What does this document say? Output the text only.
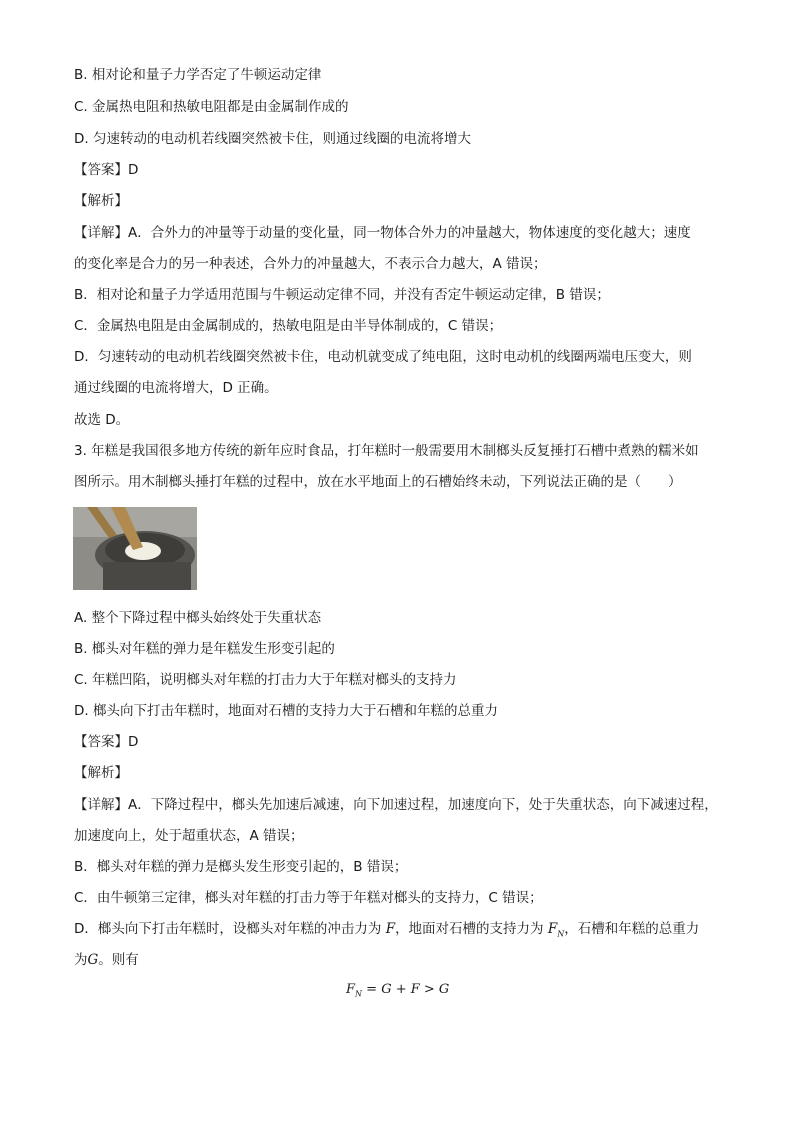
B. 相对论和量子力学否定了牛顿运动定律
C. 金属热电阻和热敏电阻都是由金属制作成的
D. 匀速转动的电动机若线圈突然被卡住，则通过线圈的电流将增大
【答案】D
【解析】
【详解】A．合外力的冲量等于动量的变化量，同一物体合外力的冲量越大，物体速度的变化越大；速度
的变化率是合力的另一种表述，合外力的冲量越大，不表示合力越大，A 错误；
B．相对论和量子力学适用范围与牛顿运动定律不同，并没有否定牛顿运动定律，B 错误；
C．金属热电阻是由金属制成的，热敏电阻是由半导体制成的，C 错误；
D．匀速转动的电动机若线圈突然被卡住，电动机就变成了纯电阻，这时电动机的线圈两端电压变大，则
通过线圈的电流将增大，D 正确。
故选 D。
3. 年糕是我国很多地方传统的新年应时食品，打年糕时一般需要用木制榔头反复捶打石槽中煮熟的糯米如
图所示。用木制榔头捶打年糕的过程中，放在水平地面上的石槽始终未动，下列说法正确的是（　　）
A. 整个下降过程中榔头始终处于失重状态
B. 榔头对年糕的弹力是年糕发生形变引起的
C. 年糕凹陷，说明榔头对年糕的打击力大于年糕对榔头的支持力
D. 榔头向下打击年糕时，地面对石槽的支持力大于石槽和年糕的总重力
【答案】D
【解析】
【详解】A．下降过程中，榔头先加速后减速，向下加速过程，加速度向下，处于失重状态，向下减速过程，
加速度向上，处于超重状态，A 错误；
B．榔头对年糕的弹力是榔头发生形变引起的，B 错误；
C．由牛顿第三定律，榔头对年糕的打击力等于年糕对榔头的支持力，C 错误；
D．榔头向下打击年糕时，设榔头对年糕的冲击力为 F，地面对石槽的支持力为 $F_N$，石槽和年糕的总重力
为G。则有
$F_N = G + F > G$
